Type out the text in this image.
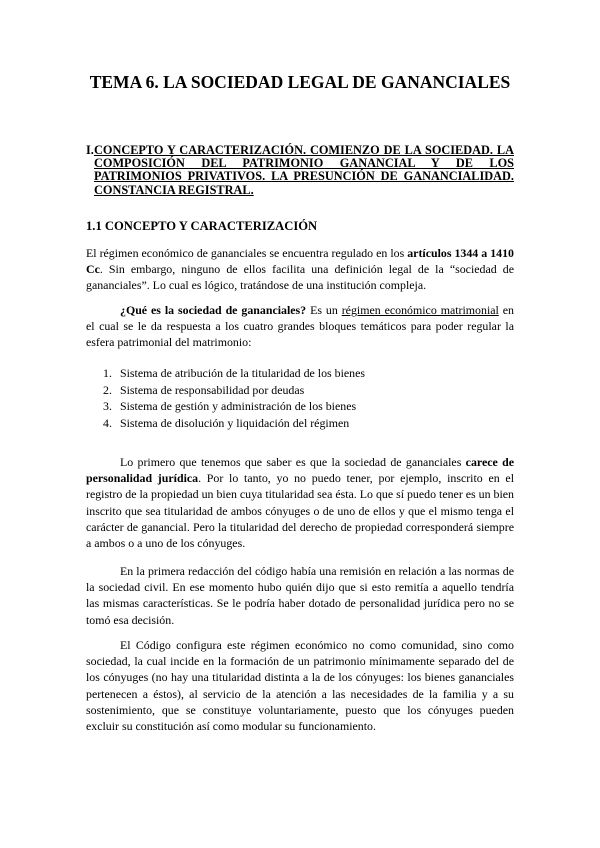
TEMA 6. LA SOCIEDAD LEGAL DE GANANCIALES
I. CONCEPTO Y CARACTERIZACIÓN. COMIENZO DE LA SOCIEDAD. LA COMPOSICIÓN DEL PATRIMONIO GANANCIAL Y DE LOS PATRIMONIOS PRIVATIVOS. LA PRESUNCIÓN DE GANANCIALIDAD. CONSTANCIA REGISTRAL.
1.1 CONCEPTO Y CARACTERIZACIÓN

El régimen económico de gananciales se encuentra regulado en los artículos 1344 a 1410 Cc. Sin embargo, ninguno de ellos facilita una definición legal de la “sociedad de gananciales”. Lo cual es lógico, tratándose de una institución compleja.

¿Qué es la sociedad de gananciales? Es un régimen económico matrimonial en el cual se le da respuesta a los cuatro grandes bloques temáticos para poder regular la esfera patrimonial del matrimonio:

1. Sistema de atribución de la titularidad de los bienes
2. Sistema de responsabilidad por deudas
3. Sistema de gestión y administración de los bienes
4. Sistema de disolución y liquidación del régimen

Lo primero que tenemos que saber es que la sociedad de gananciales carece de personalidad jurídica. Por lo tanto, yo no puedo tener, por ejemplo, inscrito en el registro de la propiedad un bien cuya titularidad sea ésta. Lo que sí puedo tener es un bien inscrito que sea titularidad de ambos cónyuges o de uno de ellos y que el mismo tenga el carácter de ganancial. Pero la titularidad del derecho de propiedad corresponderá siempre a ambos o a uno de los cónyuges.

En la primera redacción del código había una remisión en relación a las normas de la sociedad civil. En ese momento hubo quién dijo que si esto remitía a aquello tendría las mismas características. Se le podría haber dotado de personalidad jurídica pero no se tomó esa decisión.

El Código configura este régimen económico no como comunidad, sino como sociedad, la cual incide en la formación de un patrimonio mínimamente separado del de los cónyuges (no hay una titularidad distinta a la de los cónyuges: los bienes gananciales pertenecen a éstos), al servicio de la atención a las necesidades de la familia y a su sostenimiento, que se constituye voluntariamente, puesto que los cónyuges pueden excluir su constitución así como modular su funcionamiento.
